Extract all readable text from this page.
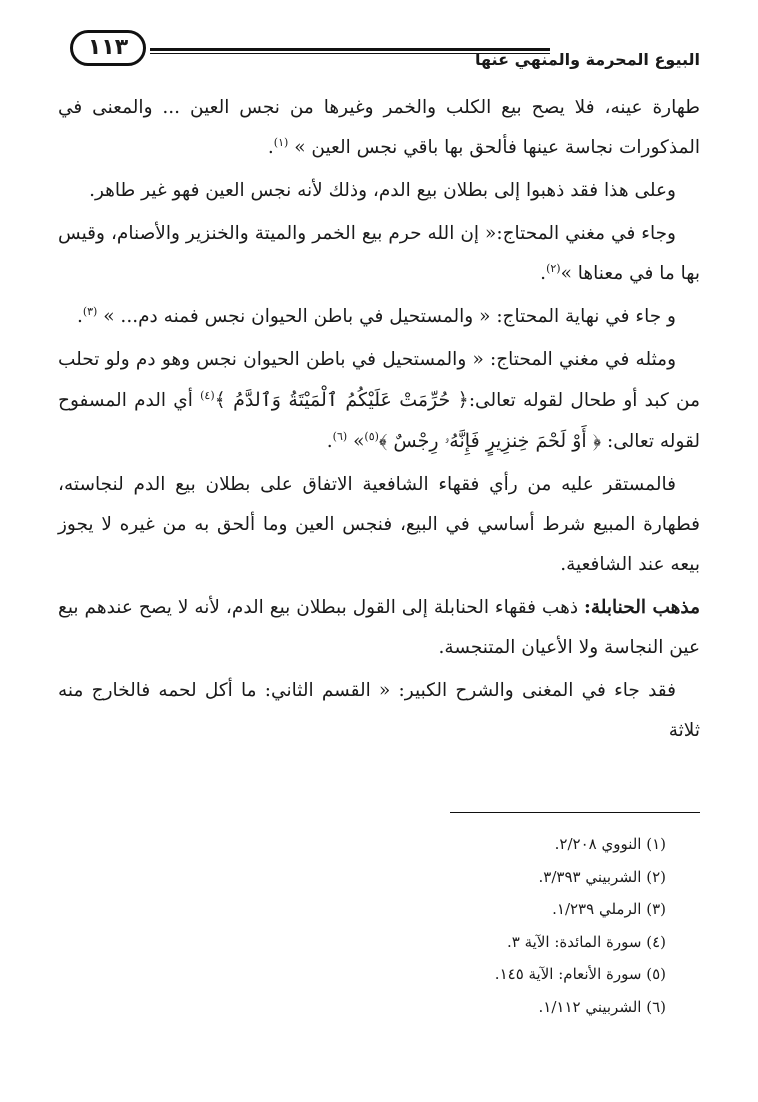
١١٣	البيوع المحرمة والمنهي عنها

طهارة عينه، فلا يصح بيع الكلب والخمر وغيرها من نجس العين ... والمعنى في المذكورات نجاسة عينها فألحق بها باقي نجس العين » $^{(١)}$.

وعلى هذا فقد ذهبوا إلى بطلان بيع الدم، وذلك لأنه نجس العين فهو غير طاهر.

وجاء في مغني المحتاج:« إن الله حرم بيع الخمر والميتة والخنزير والأصنام، وقيس بها ما في معناها »$^{(٢)}$.

و جاء في نهاية المحتاج: « والمستحيل في باطن الحيوان نجس فمنه دم... » $^{(٣)}$.

ومثله في مغني المحتاج: « والمستحيل في باطن الحيوان نجس وهو دم ولو تحلب من كبد أو طحال لقوله تعالى:﴿ حُرِّمَتْ عَلَيْكُمُ ٱلْمَيْتَةُ وَٱلدَّمُ ﴾$^{(٤)}$ أي الدم المسفوح لقوله تعالى: ﴿ أَوْ لَحْمَ خِنزِيرٍ فَإِنَّهُۥ رِجْسٌ ﴾$^{(٥)}$» $^{(٦)}$.

فالمستقر عليه من رأي فقهاء الشافعية الاتفاق على بطلان بيع الدم لنجاسته، فطهارة المبيع شرط أساسي في البيع، فنجس العين وما ألحق به من غيره لا يجوز بيعه عند الشافعية.

مذهب الحنابلة: ذهب فقهاء الحنابلة إلى القول ببطلان بيع الدم، لأنه لا يصح عندهم بيع عين النجاسة ولا الأعيان المتنجسة.

فقد جاء في المغنى والشرح الكبير: « القسم الثاني: ما أكل لحمه فالخارج منه ثلاثة

(١) النووي ٢/٢٠٨.

(٢) الشربيني ٣/٣٩٣.

(٣) الرملي ١/٢٣٩.

(٤) سورة المائدة: الآية ٣.

(٥) سورة الأنعام: الآية ١٤٥.

(٦) الشربيني ١/١١٢.
